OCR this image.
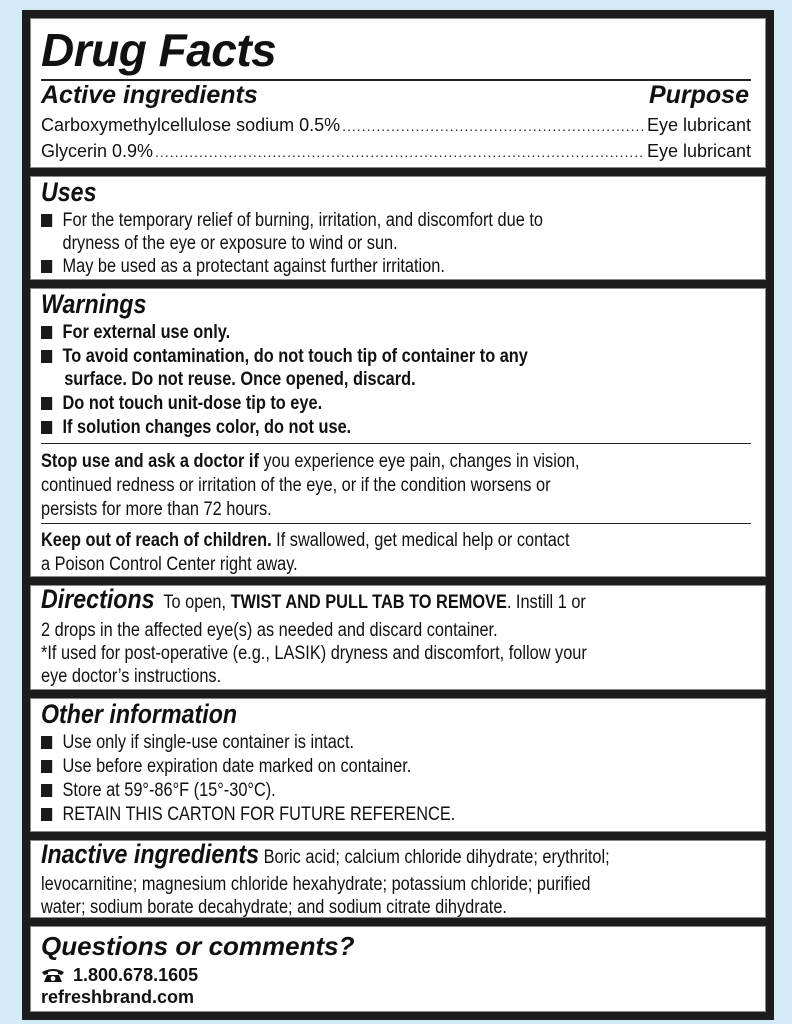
Drug Facts
Active ingredients	Purpose
Carboxymethylcellulose sodium 0.5% .....	Eye lubricant
Glycerin 0.9% .....	Eye lubricant
Uses
For the temporary relief of burning, irritation, and discomfort due to
dryness of the eye or exposure to wind or sun.
May be used as a protectant against further irritation.
Warnings
For external use only.
To avoid contamination, do not touch tip of container to any
surface. Do not reuse. Once opened, discard.
Do not touch unit-dose tip to eye.
If solution changes color, do not use.
Stop use and ask a doctor if you experience eye pain, changes in vision,
continued redness or irritation of the eye, or if the condition worsens or
persists for more than 72 hours.
Keep out of reach of children. If swallowed, get medical help or contact
a Poison Control Center right away.
Directions  To open, TWIST AND PULL TAB TO REMOVE. Instill 1 or
2 drops in the affected eye(s) as needed and discard container.
*If used for post-operative (e.g., LASIK) dryness and discomfort, follow your
eye doctor’s instructions.
Other information
Use only if single-use container is intact.
Use before expiration date marked on container.
Store at 59°-86°F (15°-30°C).
RETAIN THIS CARTON FOR FUTURE REFERENCE.
Inactive ingredients Boric acid; calcium chloride dihydrate; erythritol;
levocarnitine; magnesium chloride hexahydrate; potassium chloride; purified
water; sodium borate decahydrate; and sodium citrate dihydrate.
Questions or comments?
1.800.678.1605
refreshbrand.com
